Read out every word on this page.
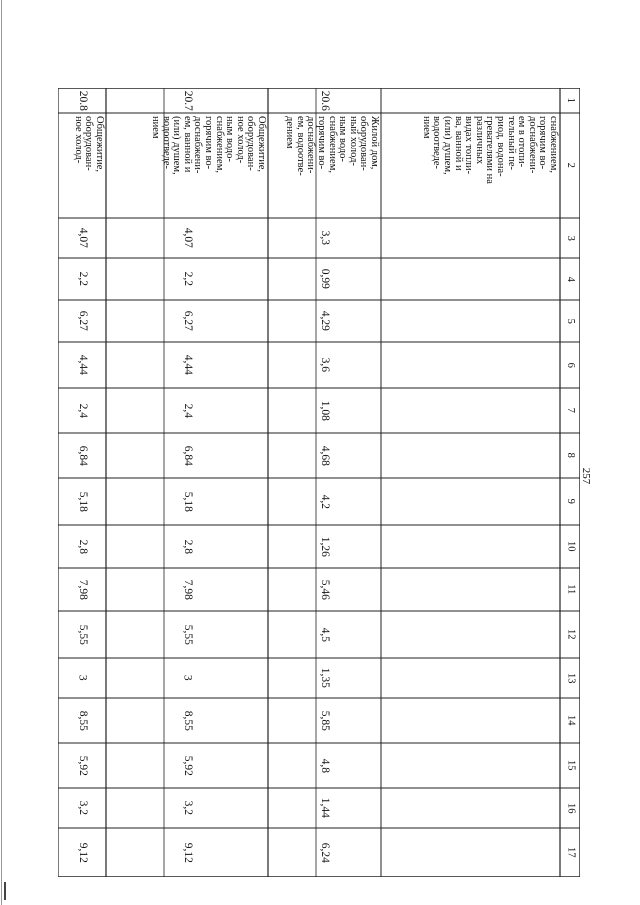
257
1
2
3
4
5
6
7
8
9
10
11
12
13
14
15
16
17
снабжением,
горячим во-
доснабжени-
ем в отопи-
тельный пе-
риод, водона-
гревателями на
различных
видах топли-
ва, ванной и
(или) душем,
водоотведе-
нием
20.6
Жилой дом,
оборудован-
ный холод-
ным водо-
снабжением,
горячим во-
доснабжени-
ем, водоотве-
дением
3,3
0,99
4,29
3,6
1,08
4,68
4,2
1,26
5,46
4,5
1,35
5,85
4,8
1,44
6,24
20.7
Общежитие,
оборудован-
ное холод-
ным водо-
снабжением,
горячим во-
доснабжени-
ем, ванной и
(или) душем,
водоотведе-
нием
4,07
2,2
6,27
4,44
2,4
6,84
5,18
2,8
7,98
5,55
3
8,55
5,92
3,2
9,12
20.8
Общежитие,
оборудован-
ное холод-
4,07
2,2
6,27
4,44
2,4
6,84
5,18
2,8
7,98
5,55
3
8,55
5,92
3,2
9,12
